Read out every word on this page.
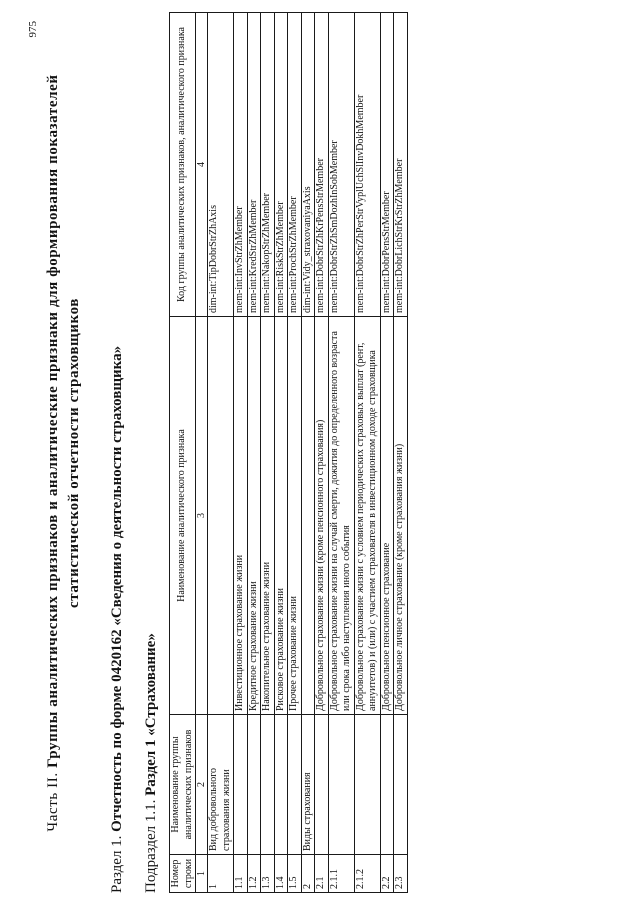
975
Часть II. Группы аналитических признаков и аналитические признаки для формирования показателей статистической отчетности страховщиков
Раздел 1. Отчетность по форме 0420162 «Сведения о деятельности страховщика»
Подраздел 1.1. Раздел 1 «Страхование»
Номер строки	Наименование группы аналитических признаков	Наименование аналитического признака	Код группы аналитических признаков, аналитического признака
1	2	3	4
1	Вид добровольного страхования жизни		dim-int:TipDobrStrZhAxis
1.1		Инвестиционное страхование жизни	mem-int:InvStrZhMember
1.2		Кредитное страхование жизни	mem-int:KredStrZhMember
1.3		Накопительное страхование жизни	mem-int:NakopStrZhMember
1.4		Рисковое страхование жизни	mem-int:RiskStrZhMember
1.5		Прочее страхование жизни	mem-int:ProchStrZhMember
2	Виды страхования		dim-int:Vidy_straxovaniyaAxis
2.1		Добровольное страхование жизни (кроме пенсионного страхования)	mem-int:DobrStrZhKrPensStrMember
2.1.1		Добровольное страхование жизни на случай смерти, дожития до определенного возраста или срока либо наступления иного события	mem-int:DobrStrZhSmDozhInSobMember
2.1.2		Добровольное страхование жизни с условием периодических страховых выплат (рент, аннуитетов) и (или) с участием страхователя в инвестиционном доходе страховщика	mem-int:DobrStrZhPerStrVyplUchSlInvDokhMember
2.2		Добровольное пенсионное страхование	mem-int:DobrPensStrMember
2.3		Добровольное личное страхование (кроме страхования жизни)	mem-int:DobrLichStrKrStrZhMember
